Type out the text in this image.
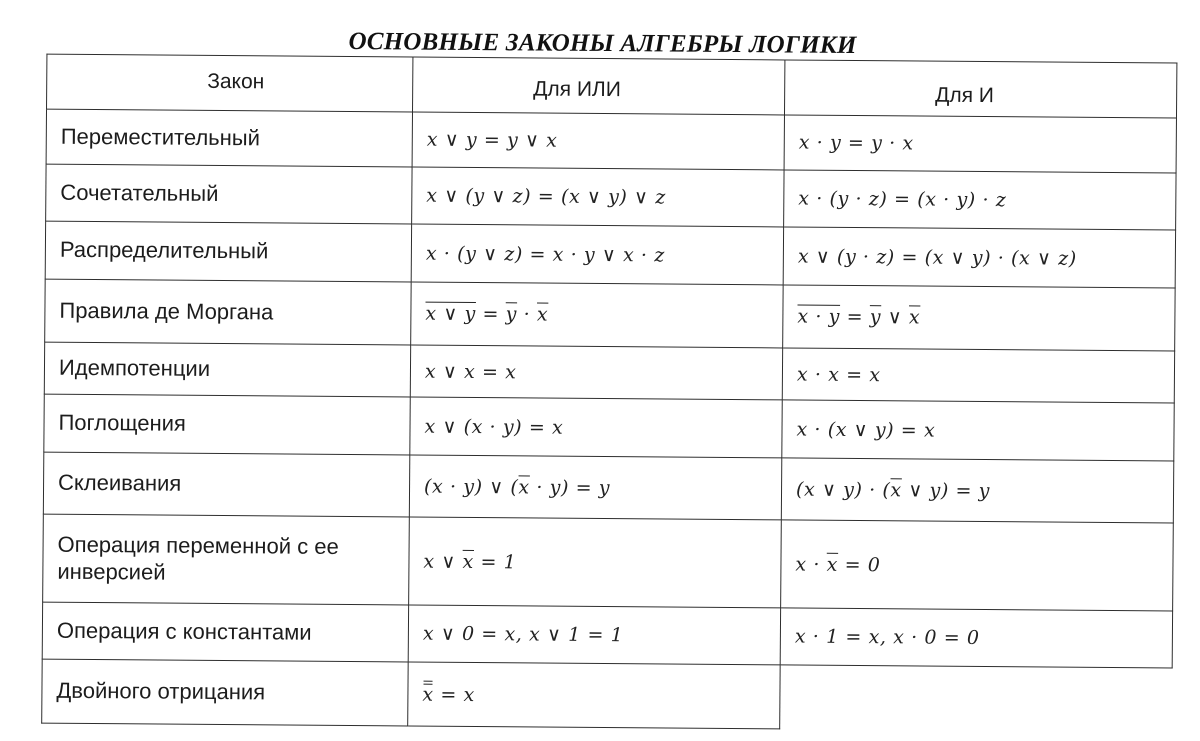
ОСНОВНЫЕ ЗАКОНЫ АЛГЕБРЫ ЛОГИКИ
Закон	Для ИЛИ	Для И
Переместительный	x ∨ y = y ∨ x	x · y = y · x
Сочетательный	x ∨ (y ∨ z) = (x ∨ y) ∨ z	x · (y · z) = (x · y) · z
Распределительный	x · (y ∨ z) = x · y ∨ x · z	x ∨ (y · z) = (x ∨ y) · (x ∨ z)
Правила де Моргана	x ∨ $y = \overline{y} \cdot \overline{x}$	$x \cdot y = \overline{y}$ ∨ $\overline{x}$
Идемпотенции	x ∨ x = x	x · x = x
Поглощения	x ∨ (x · y) = x	x · (x ∨ y) = x
Склеивания	(x · y) ∨ $(\overline{x} \cdot y) = y$	(x ∨ $y) \cdot (\overline{x}$ ∨ y) = y
Операция переменной с ее инверсией	x ∨ $\overline{x} = 1$	$x \cdot \overline{x} = 0$
Операция с константами	x ∨ 0 = x, x ∨ 1 = 1	x · 1 = x, x · 0 = 0
Двойного отрицания	x = x	
